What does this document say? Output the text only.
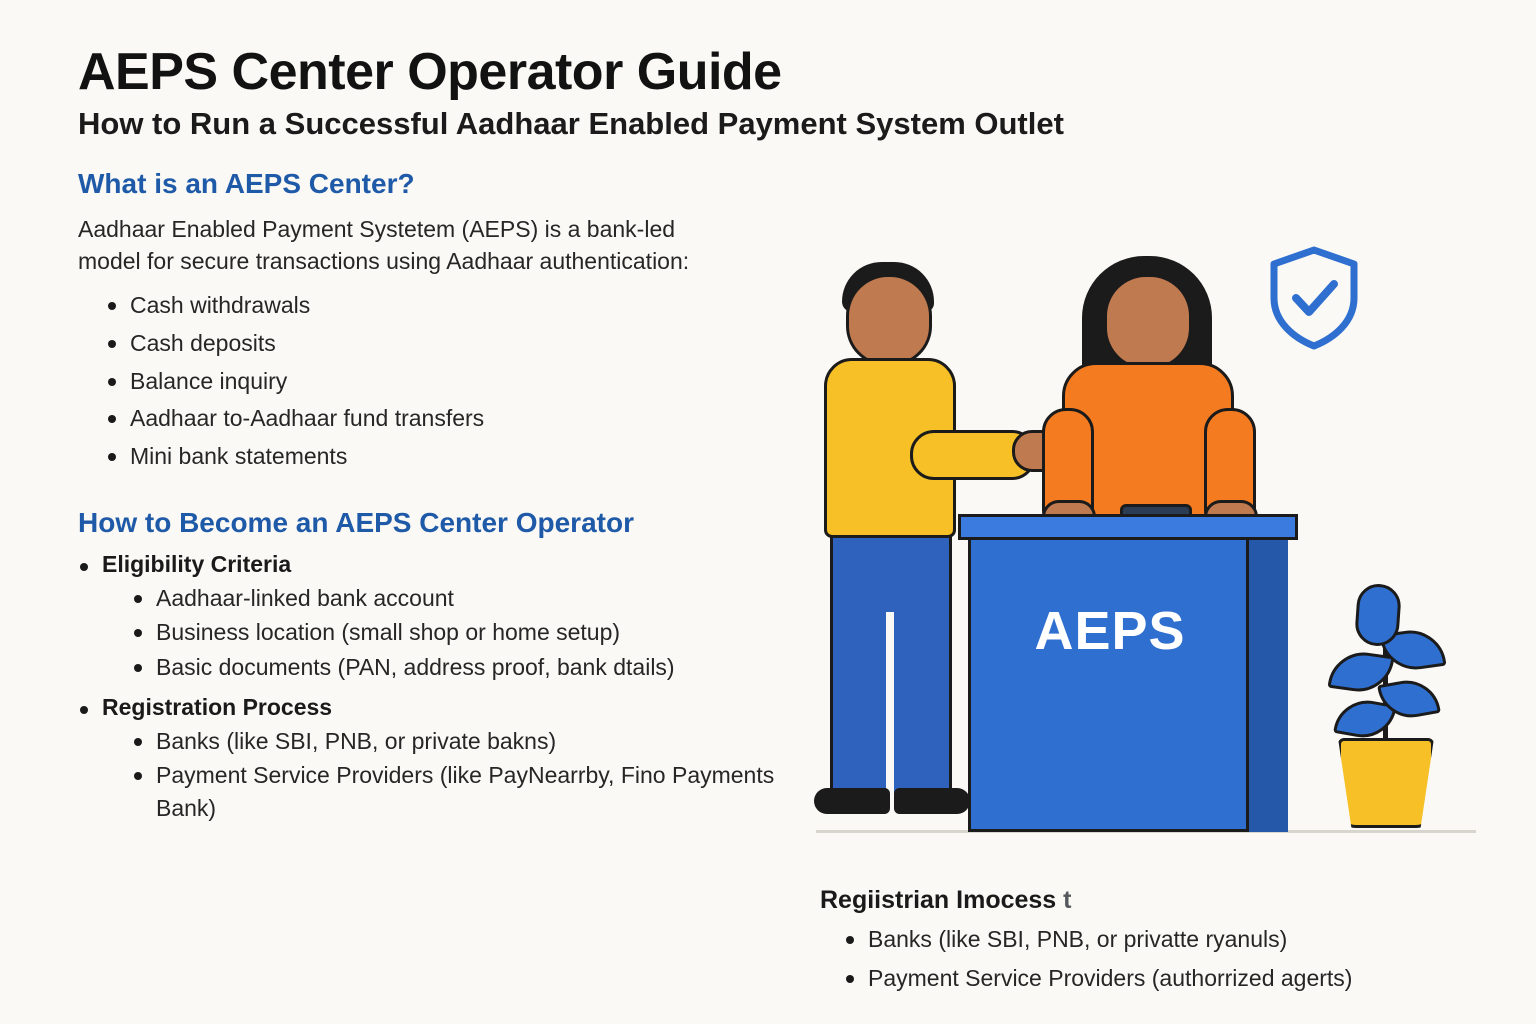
AEPS Center Operator Guide
How to Run a Successful Aadhaar Enabled Payment System Outlet
What is an AEPS Center?

Aadhaar Enabled Payment Systetem (AEPS) is a bank-led model for secure transactions using Aadhaar authentication:

Cash withdrawals
Cash deposits
Balance inquiry
Aadhaar to-Aadhaar fund transfers
Mini bank statements
How to Become an AEPS Center Operator
Eligibility Criteria
Aadhaar-linked bank account
Business location (small shop or home setup)
Basic documents (PAN, address proof, bank dtails)
Registration Process
Banks (like SBI, PNB, or private bakns)
Payment Service Providers (like PayNearrby, Fino Payments Bank)
AEPS
Regiistrian Imocess t
Banks (like SBI, PNB, or privatte ryanuls)
Payment Service Providers (authorrized agerts)
